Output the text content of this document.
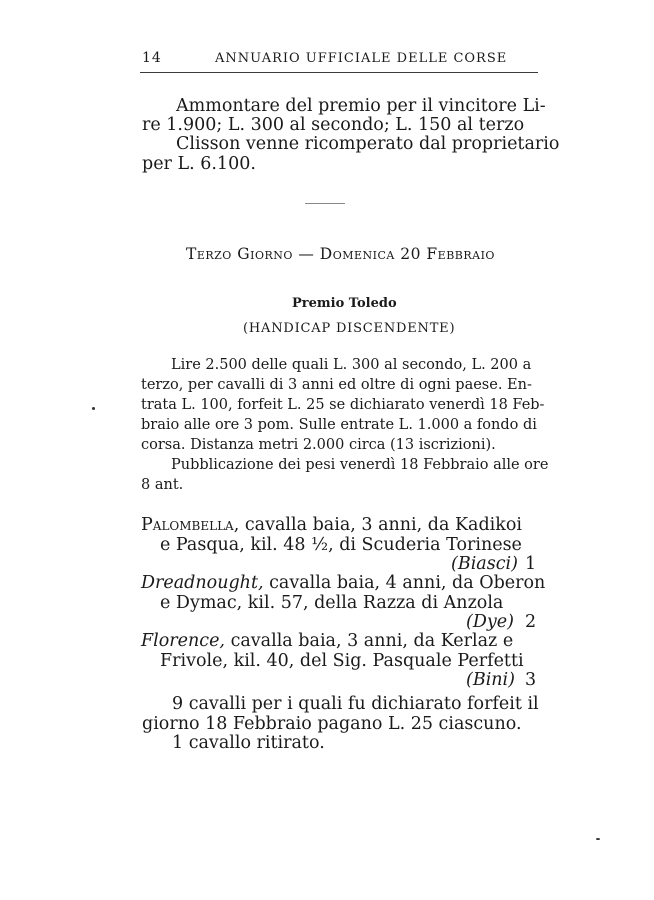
14	ANNUARIO UFFICIALE DELLE CORSE
Ammontare del premio per il vincitore Li-
re 1.900; L. 300 al secondo; L. 150 al terzo
Clisson venne ricomperato dal proprietario
per L. 6.100.
Terzo Giorno — Domenica 20 Febbraio
Premio Toledo
(HANDICAP DISCENDENTE)
Lire 2.500 delle quali L. 300 al secondo, L. 200 a
terzo, per cavalli di 3 anni ed oltre di ogni paese. En-
trata L. 100, forfeit L. 25 se dichiarato venerdì 18 Feb-
braio alle ore 3 pom. Sulle entrate L. 1.000 a fondo di
corsa. Distanza metri 2.000 circa (13 iscrizioni).
Pubblicazione dei pesi venerdì 18 Febbraio alle ore
8 ant.
Palombella, cavalla baia, 3 anni, da Kadikoi
e Pasqua, kil. 48 ½, di Scuderia Torinese
(Biasci) 1
Dreadnought, cavalla baia, 4 anni, da Oberon
e Dymac, kil. 57, della Razza di Anzola
(Dye) 2
Florence, cavalla baia, 3 anni, da Kerlaz e
Frivole, kil. 40, del Sig. Pasquale Perfetti
(Bini) 3
9 cavalli per i quali fu dichiarato forfeit il
giorno 18 Febbraio pagano L. 25 ciascuno.
1 cavallo ritirato.
